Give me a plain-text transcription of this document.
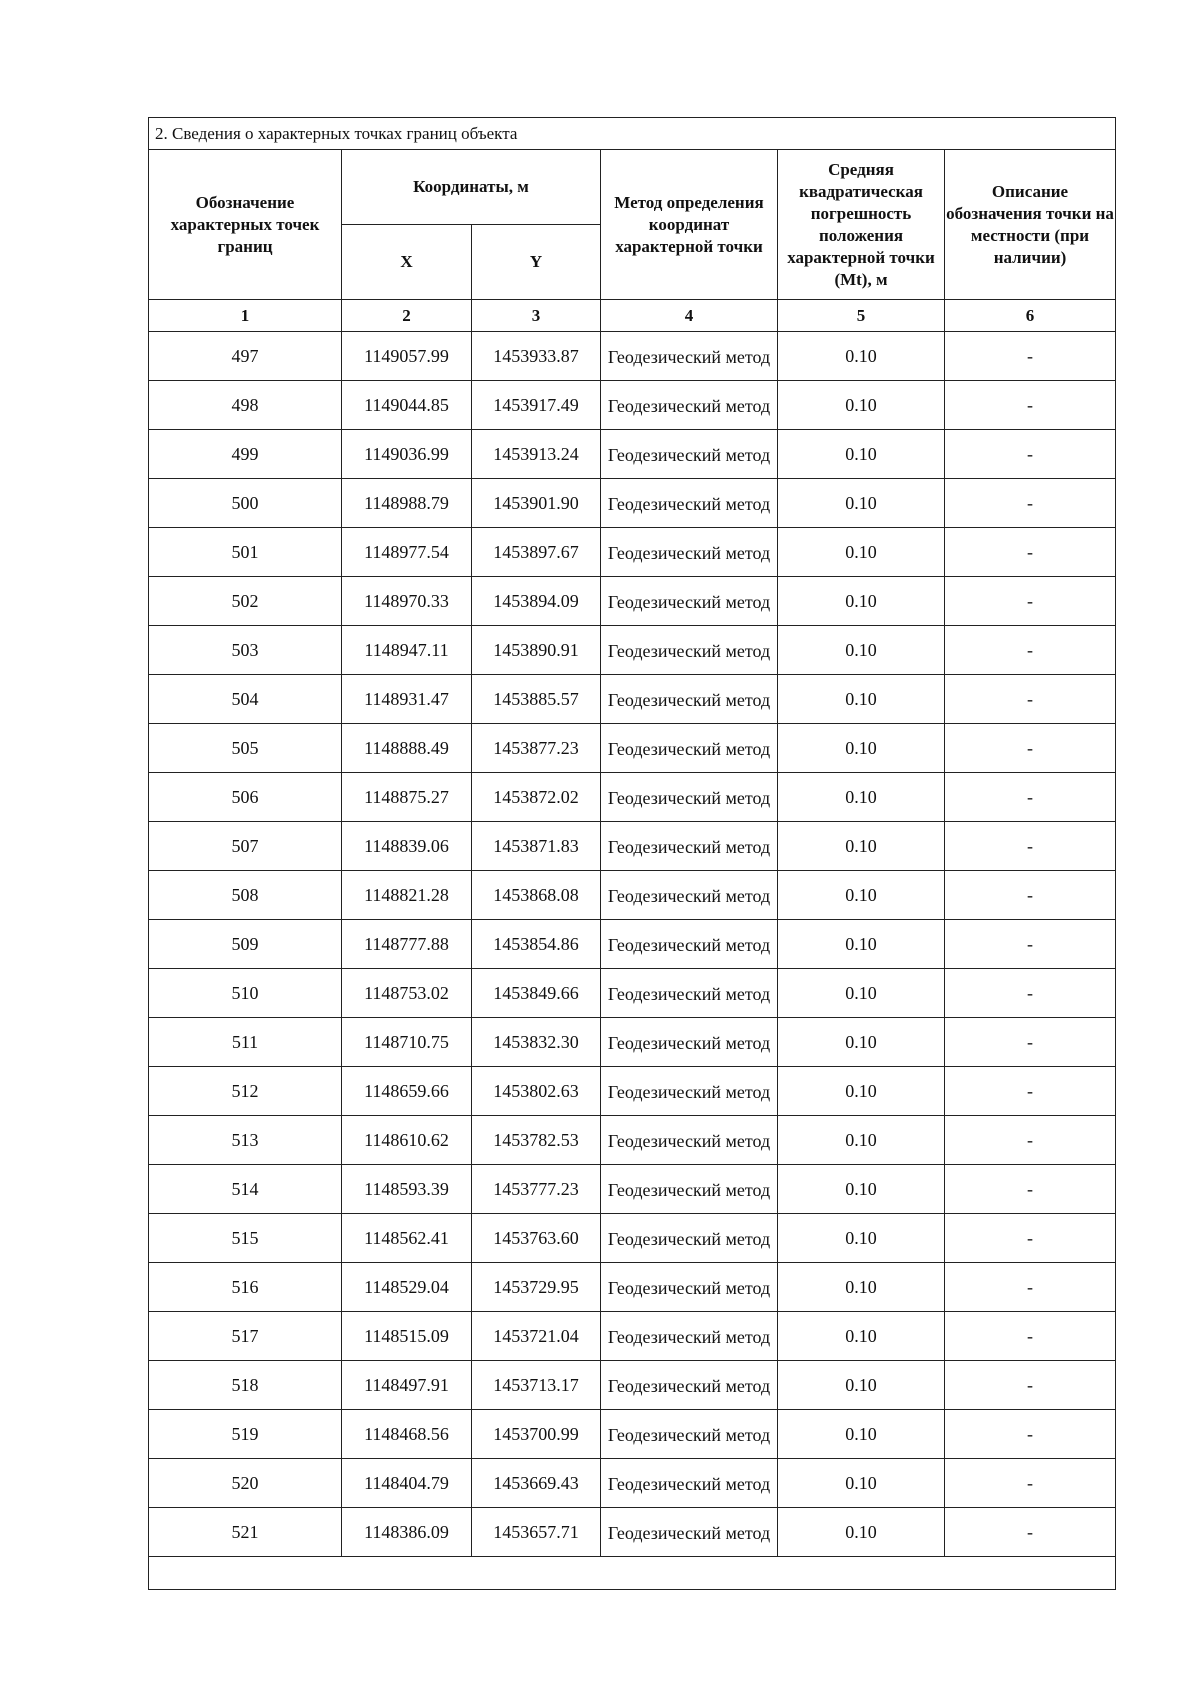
2. Сведения о характерных точках границ объекта					
Обозначение характерных точек границ	Координаты, м		Метод определения координат характерной точки	Средняя квадратическая погрешность положения характерной точки (Mt), м	Описание обозначения точки на местности (при наличии)
	X	Y			
1	2	3	4	5	6
497	1149057.99	1453933.87	Геодезический метод	0.10	-
498	1149044.85	1453917.49	Геодезический метод	0.10	-
499	1149036.99	1453913.24	Геодезический метод	0.10	-
500	1148988.79	1453901.90	Геодезический метод	0.10	-
501	1148977.54	1453897.67	Геодезический метод	0.10	-
502	1148970.33	1453894.09	Геодезический метод	0.10	-
503	1148947.11	1453890.91	Геодезический метод	0.10	-
504	1148931.47	1453885.57	Геодезический метод	0.10	-
505	1148888.49	1453877.23	Геодезический метод	0.10	-
506	1148875.27	1453872.02	Геодезический метод	0.10	-
507	1148839.06	1453871.83	Геодезический метод	0.10	-
508	1148821.28	1453868.08	Геодезический метод	0.10	-
509	1148777.88	1453854.86	Геодезический метод	0.10	-
510	1148753.02	1453849.66	Геодезический метод	0.10	-
511	1148710.75	1453832.30	Геодезический метод	0.10	-
512	1148659.66	1453802.63	Геодезический метод	0.10	-
513	1148610.62	1453782.53	Геодезический метод	0.10	-
514	1148593.39	1453777.23	Геодезический метод	0.10	-
515	1148562.41	1453763.60	Геодезический метод	0.10	-
516	1148529.04	1453729.95	Геодезический метод	0.10	-
517	1148515.09	1453721.04	Геодезический метод	0.10	-
518	1148497.91	1453713.17	Геодезический метод	0.10	-
519	1148468.56	1453700.99	Геодезический метод	0.10	-
520	1148404.79	1453669.43	Геодезический метод	0.10	-
521	1148386.09	1453657.71	Геодезический метод	0.10	-
